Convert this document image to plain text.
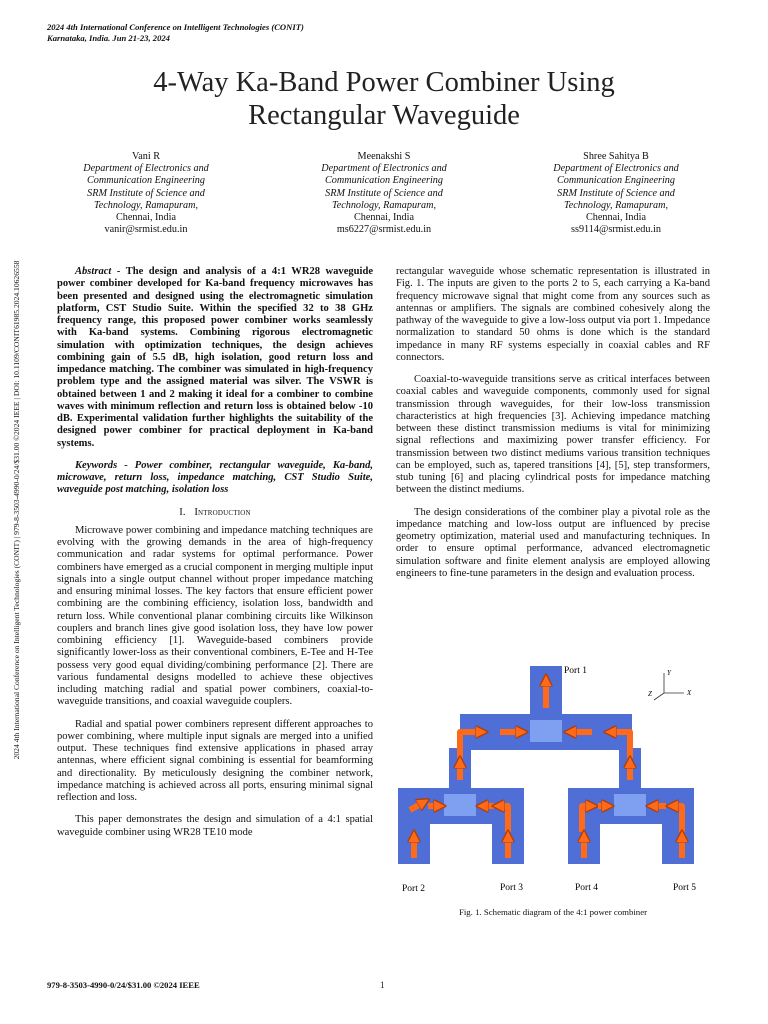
2024 4th International Conference on Intelligent Technologies (CONIT)
Karnataka, India. Jun 21-23, 2024
4-Way Ka-Band Power Combiner Using
Rectangular Waveguide
Vani R
Department of Electronics and
Communication Engineering
SRM Institute of Science and
Technology, Ramapuram,
Chennai, India
vanir@srmist.edu.in
Meenakshi S
Department of Electronics and
Communication Engineering
SRM Institute of Science and
Technology, Ramapuram,
Chennai, India
ms6227@srmist.edu.in
Shree Sahitya B
Department of Electronics and
Communication Engineering
SRM Institute of Science and
Technology, Ramapuram,
Chennai, India
ss9114@srmist.edu.in
2024 4th International Conference on Intelligent Technologies (CONIT) | 979-8-3503-4990-0/24/$31.00 ©2024 IEEE | DOI: 10.1109/CONIT61985.2024.10626558	Abstract - The design and analysis of a 4:1 WR28 waveguide power combiner developed for Ka-band frequency microwaves has been presented and designed using the electromagnetic simulation platform, CST Studio Suite. Within the specified 32 to 38 GHz frequency range, this proposed power combiner works seamlessly with Ka-band systems. Combining rigorous electromagnetic simulation with optimization techniques, the design achieves combining gain of 5.5 dB, high isolation, good return loss and impedance matching. The combiner was simulated in high-frequency problem type and the assigned material was silver. The VSWR is obtained between 1 and 2 making it ideal for a combiner to combine waves with minimum reflection and return loss is obtained below -10 dB. Experimental validation further highlights the suitability of the designed power combiner for practical deployment in Ka-band systems.

Keywords - Power combiner, rectangular waveguide, Ka-band, microwave, return loss, impedance matching, CST Studio Suite, waveguide post matching, isolation loss

I. Introduction

Microwave power combining and impedance matching techniques are evolving with the growing demands in the area of high-frequency communication and radar systems for optimal performance. Power combiners have emerged as a crucial component in merging multiple input signals into a single output channel without proper impedance matching and ensuring minimal losses. The key factors that ensure efficient power combining are the combining efficiency, isolation loss, bandwidth and return loss. While conventional planar combining circuits like Wilkinson couplers and branch lines give good isolation loss, they have low power combining efficiency [1]. Waveguide-based combiners provide significantly lower-loss as their conventional combiners, E-Tee and H-Tee possess very good equal dividing/combining performance [2]. There are various fundamental designs modelled to achieve these objectives including matching radial and spatial power combiners, coaxial-to-waveguide transitions, and coaxial waveguide couplers.

Radial and spatial power combiners represent different approaches to power combining, where multiple input signals are merged into a unified output. These techniques find extensive applications in phased array antennas, where efficient signal combining is essential for beamforming and directionality. By meticulously designing the combiner network, impedance matching is achieved across all ports, ensuring minimal signal reflection and loss.

This paper demonstrates the design and simulation of a 4:1 spatial waveguide combiner using WR28 TE10 mode

rectangular waveguide whose schematic representation is illustrated in Fig. 1. The inputs are given to the ports 2 to 5, each carrying a Ka-band frequency microwave signal that might come from any sources such as antennas or amplifiers. The signals are combined cohesively along the pathway of the waveguide to give a low-loss output via port 1. Impedance normalization to standard 50 ohms is done which is the standard impedance in many RF systems especially in coaxial cables and RF connectors.

Coaxial-to-waveguide transitions serve as critical interfaces between coaxial cables and waveguide components, commonly used for signal transmission through waveguides, for their low-loss transmission characteristics at high frequencies [3]. Achieving impedance matching between these distinct transmission mediums is vital for minimizing signal reflections and maximizing power transfer efficiency. For transmission between two distinct mediums various transition techniques can be employed, such as, tapered transitions [4], [5], step transformers, stub tuning [6] and placing cylindrical posts for impedance matching between the distinct mediums.

The design considerations of the combiner play a pivotal role as the impedance matching and low-loss output are influenced by precise geometry optimization, material used and manufacturing techniques. In order to ensure optimal performance, advanced electromagnetic simulation software and finite element analysis are employed allowing engineers to fine-tune parameters in the design and evaluation process.

Y
X
Z
Port 1
Port 2	Port 3	Port 4	Port 5
Fig. 1. Schematic diagram of the 4:1 power combiner
979-8-3503-4990-0/24/$31.00 ©2024 IEEE	1
